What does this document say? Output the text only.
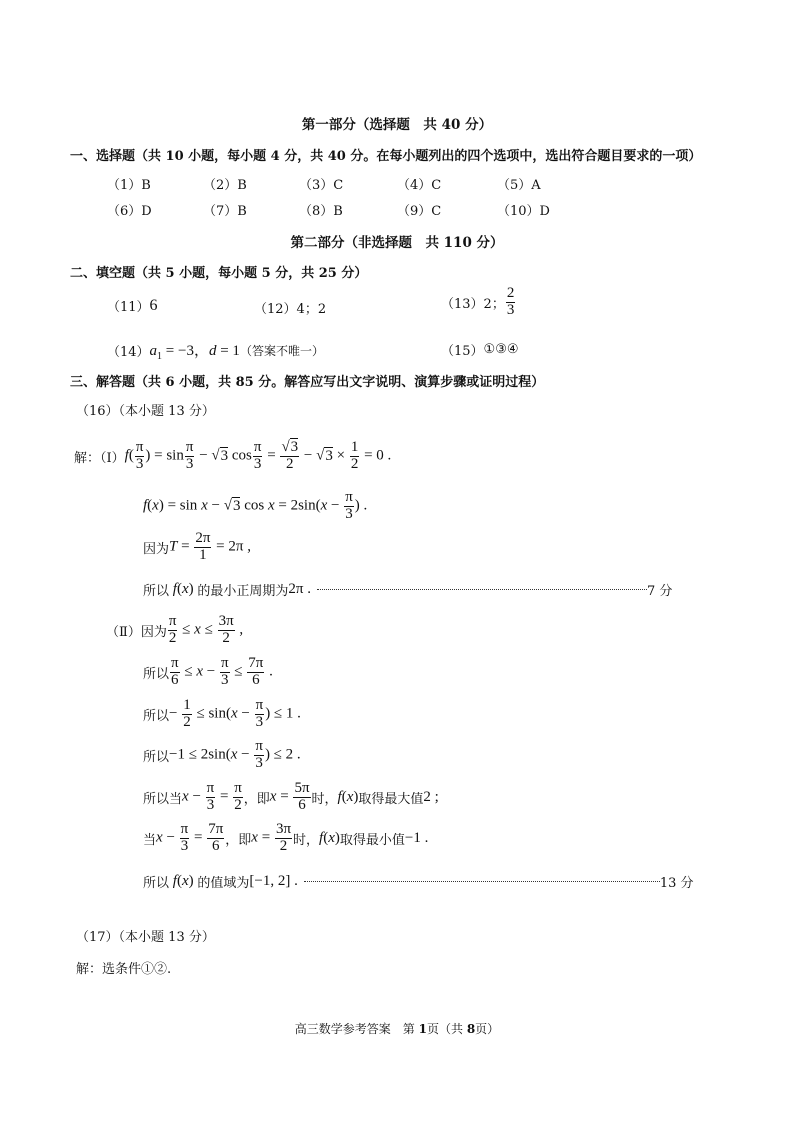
第一部分（选择题　共 40 分）
一、选择题（共 10 小题，每小题 4 分，共 40 分。在每小题列出的四个选项中，选出符合题目要求的一项）
（1）B	（2）B	（3）C	（4）C	（5）A
（6）D	（7）B	（8）B	（9）C	（10）D
第二部分（非选择题　共 110 分）
二、填空题（共 5 小题，每小题 5 分，共 25 分）
（11） 6	（12） 4；2	（13） 2； $\frac{2}{3}$
（14） $a_1 = -3$，d = 1 （答案不唯一）	（15） ①③④
三、解答题（共 6 小题，共 85 分。解答应写出文字说明、演算步骤或证明过程）
（16）（本小题 13 分）
解：（Ⅰ） $f( \frac{\pi}{3}$ ) = $\sin \frac{\pi}{3} - √3$ $\cos \frac{\pi}{3} = \frac{√3}{2} - √3 \times \frac{1}{2} = 0$ .
f(x) = sin x − √3 $\cos x = 2\sin(x - \frac{\pi}{3}$ ) .
因为 $T = \frac{2\pi}{1} = 2\pi$ ,
所以 f(x) 的最小正周期为 2π .	7 分
（Ⅱ）因为 $\frac{\pi}{2} \le x \le \frac{3\pi}{2}$ ,
所以 $\frac{\pi}{6} \le x - \frac{\pi}{3} \le \frac{7\pi}{6}$ .
所以 − $\frac{1}{2} \le \sin(x - \frac{\pi}{3}$ ) ≤ 1 .
所以 $-1 \le 2\sin(x - \frac{\pi}{3}$ ) ≤ 2 .
所以当 $x - \frac{\pi}{3} = \frac{\pi}{2}$ ，即 $x = \frac{5\pi}{6}$ 时， f(x) 取得最大值 2 ;
当 $x - \frac{\pi}{3} = \frac{7\pi}{6}$ ，即 $x = \frac{3\pi}{2}$ 时， f(x) 取得最小值 −1 .
所以 f(x) 的值域为 [−1, 2] .	13 分
（17）（本小题 13 分）
解：选条件①②.
高三数学参考答案　第 1页（共 8页）
